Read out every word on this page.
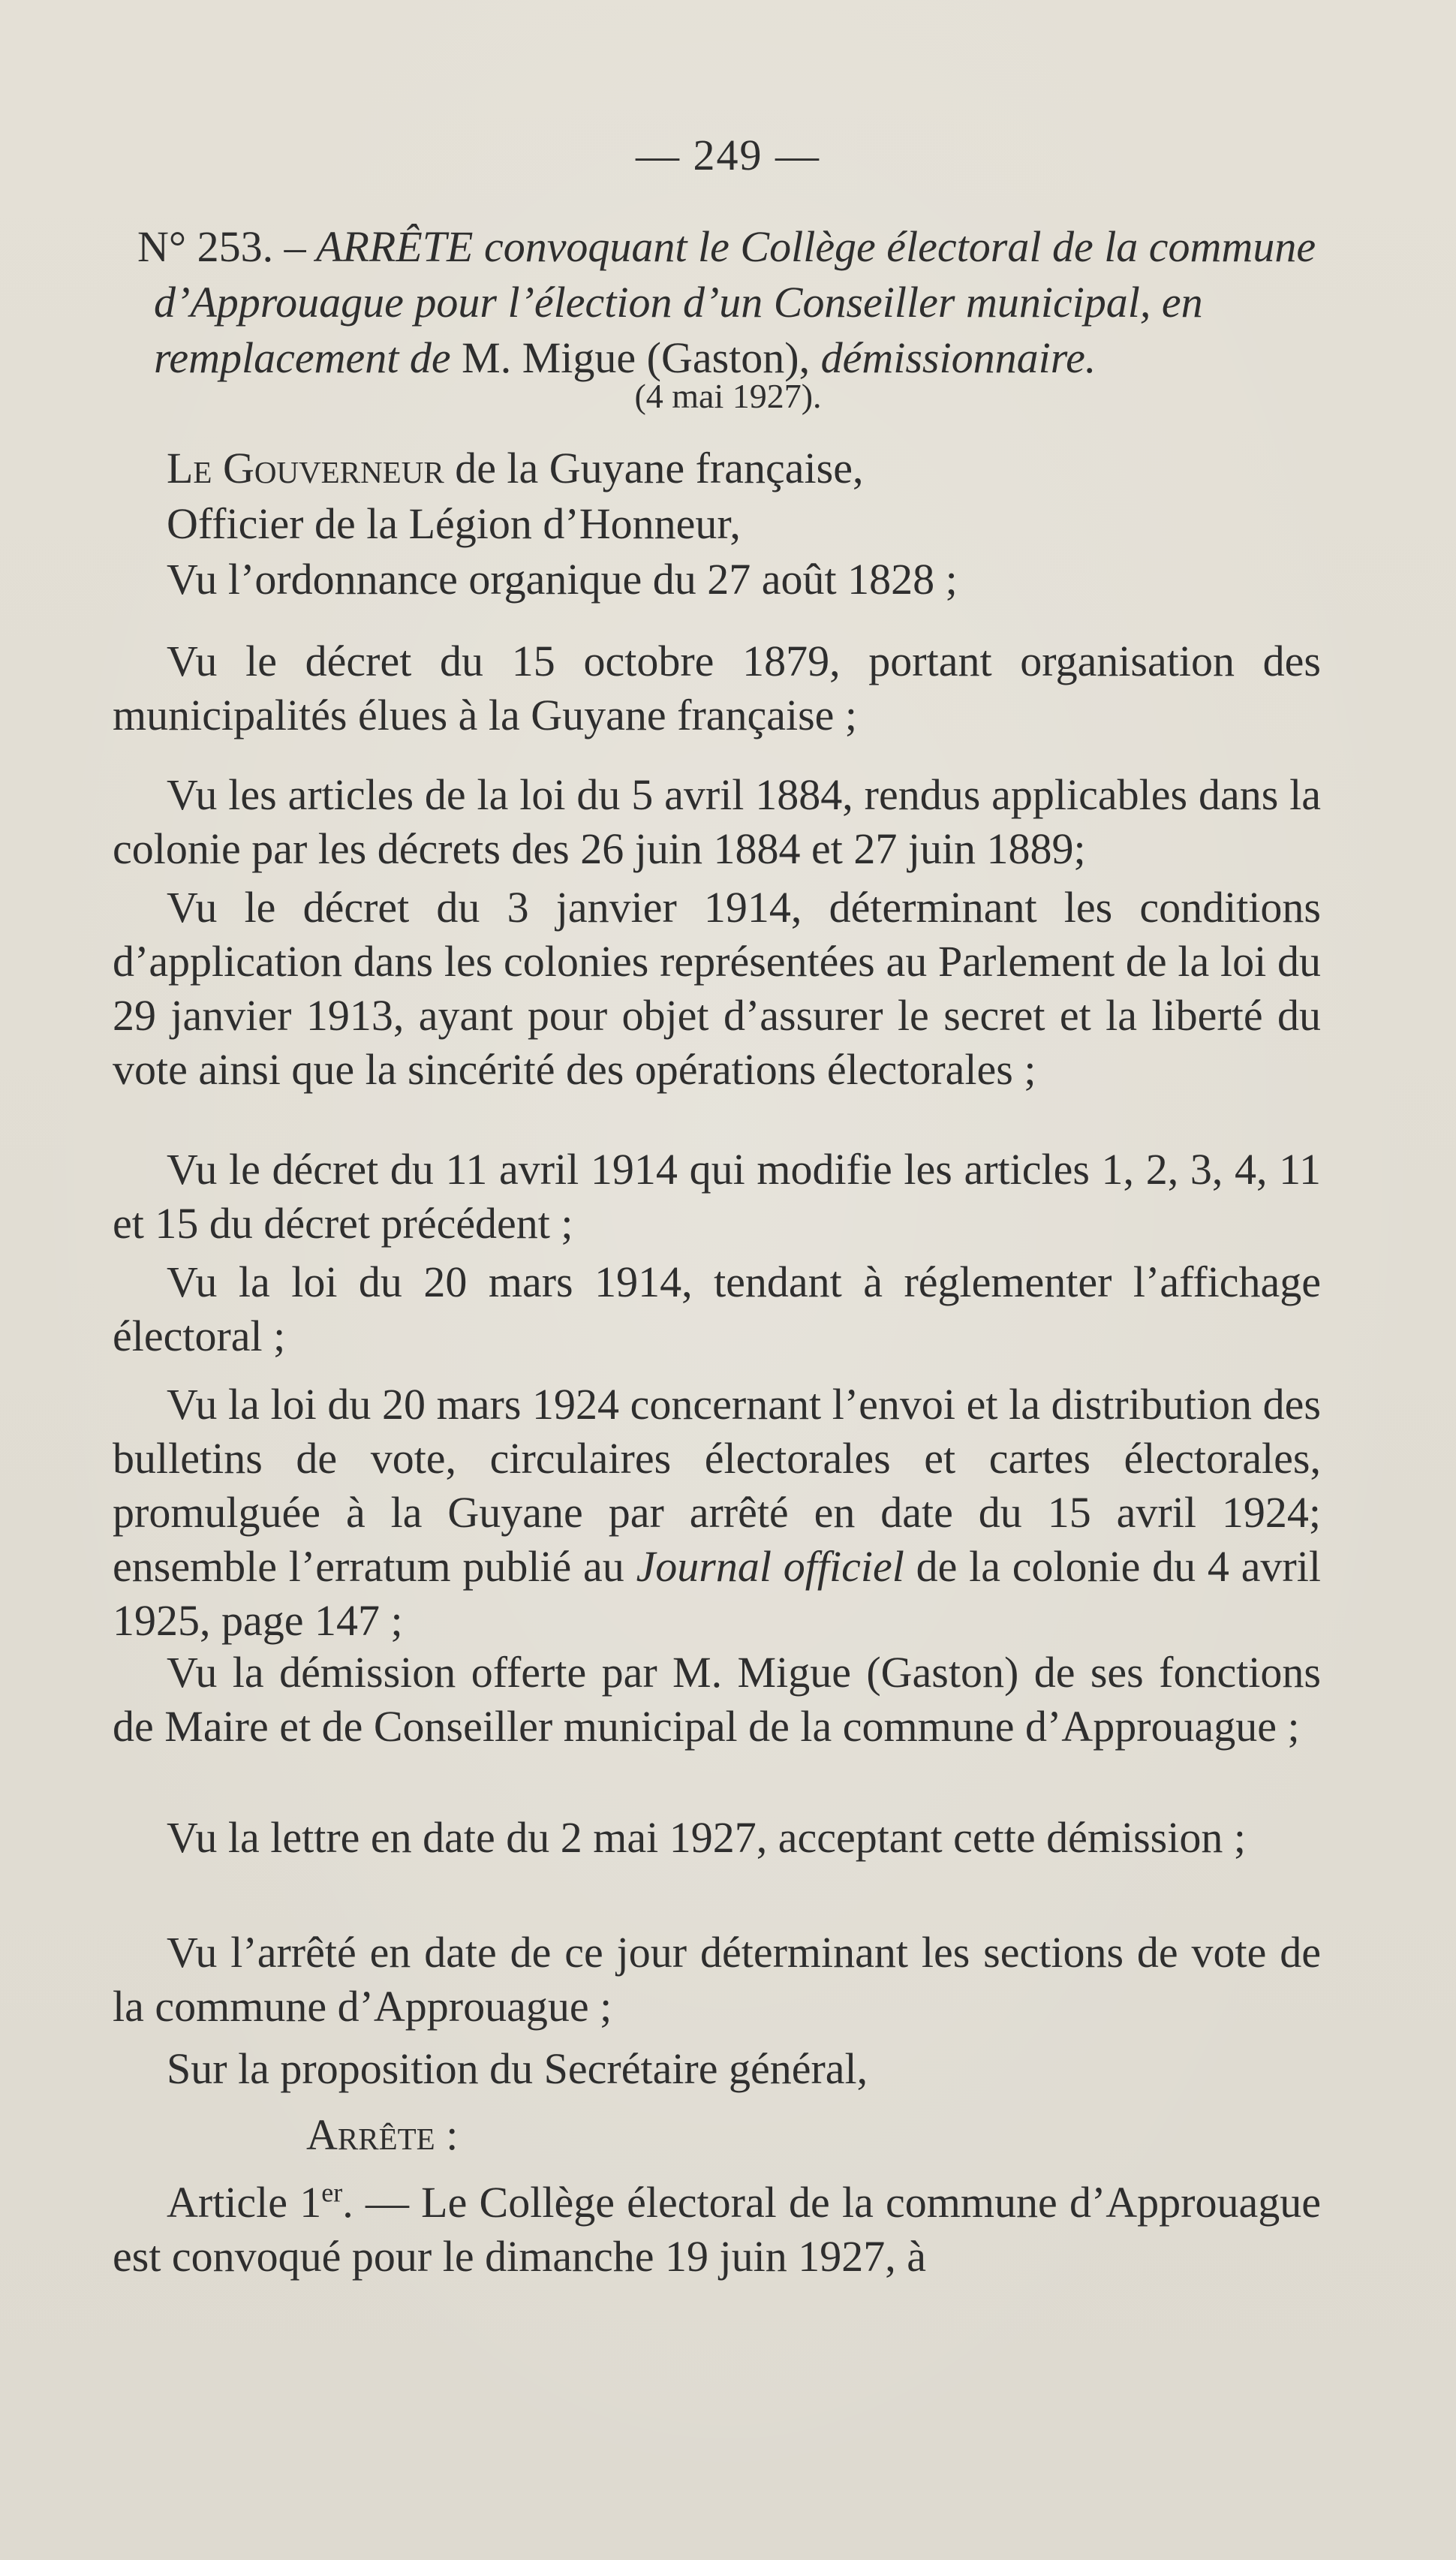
— 249 —
N° 253. – ARRÊTE convoquant le Collège électoral de la commune d’Approuague pour l’élection d’un Conseiller municipal, en remplacement de M. Migue (Gaston), démissionnaire.
(4 mai 1927).
Le Gouverneur de la Guyane française,
Officier de la Légion d’Honneur,
Vu l’ordonnance organique du 27 août 1828 ;
Vu le décret du 15 octobre 1879, portant organisation des municipalités élues à la Guyane française ;
Vu les articles de la loi du 5 avril 1884, rendus applicables dans la colonie par les décrets des 26 juin 1884 et 27 juin 1889;
Vu le décret du 3 janvier 1914, déterminant les conditions d’application dans les colonies représentées au Parlement de la loi du 29 janvier 1913, ayant pour objet d’assurer le secret et la liberté du vote ainsi que la sincérité des opérations électorales ;
Vu le décret du 11 avril 1914 qui modifie les articles 1, 2, 3, 4, 11 et 15 du décret précédent ;
Vu la loi du 20 mars 1914, tendant à réglementer l’affichage électoral ;
Vu la loi du 20 mars 1924 concernant l’envoi et la distribution des bulletins de vote, circulaires électorales et cartes électorales, promulguée à la Guyane par arrêté en date du 15 avril 1924; ensemble l’erratum publié au Journal officiel de la colonie du 4 avril 1925, page 147 ;
Vu la démission offerte par M. Migue (Gaston) de ses fonctions de Maire et de Conseiller municipal de la commune d’Approuague ;
Vu la lettre en date du 2 mai 1927, acceptant cette démission ;
Vu l’arrêté en date de ce jour déterminant les sections de vote de la commune d’Approuague ;
Sur la proposition du Secrétaire général,
Arrête :
Article 1er. — Le Collège électoral de la commune d’Approuague est convoqué pour le dimanche 19 juin 1927, à
